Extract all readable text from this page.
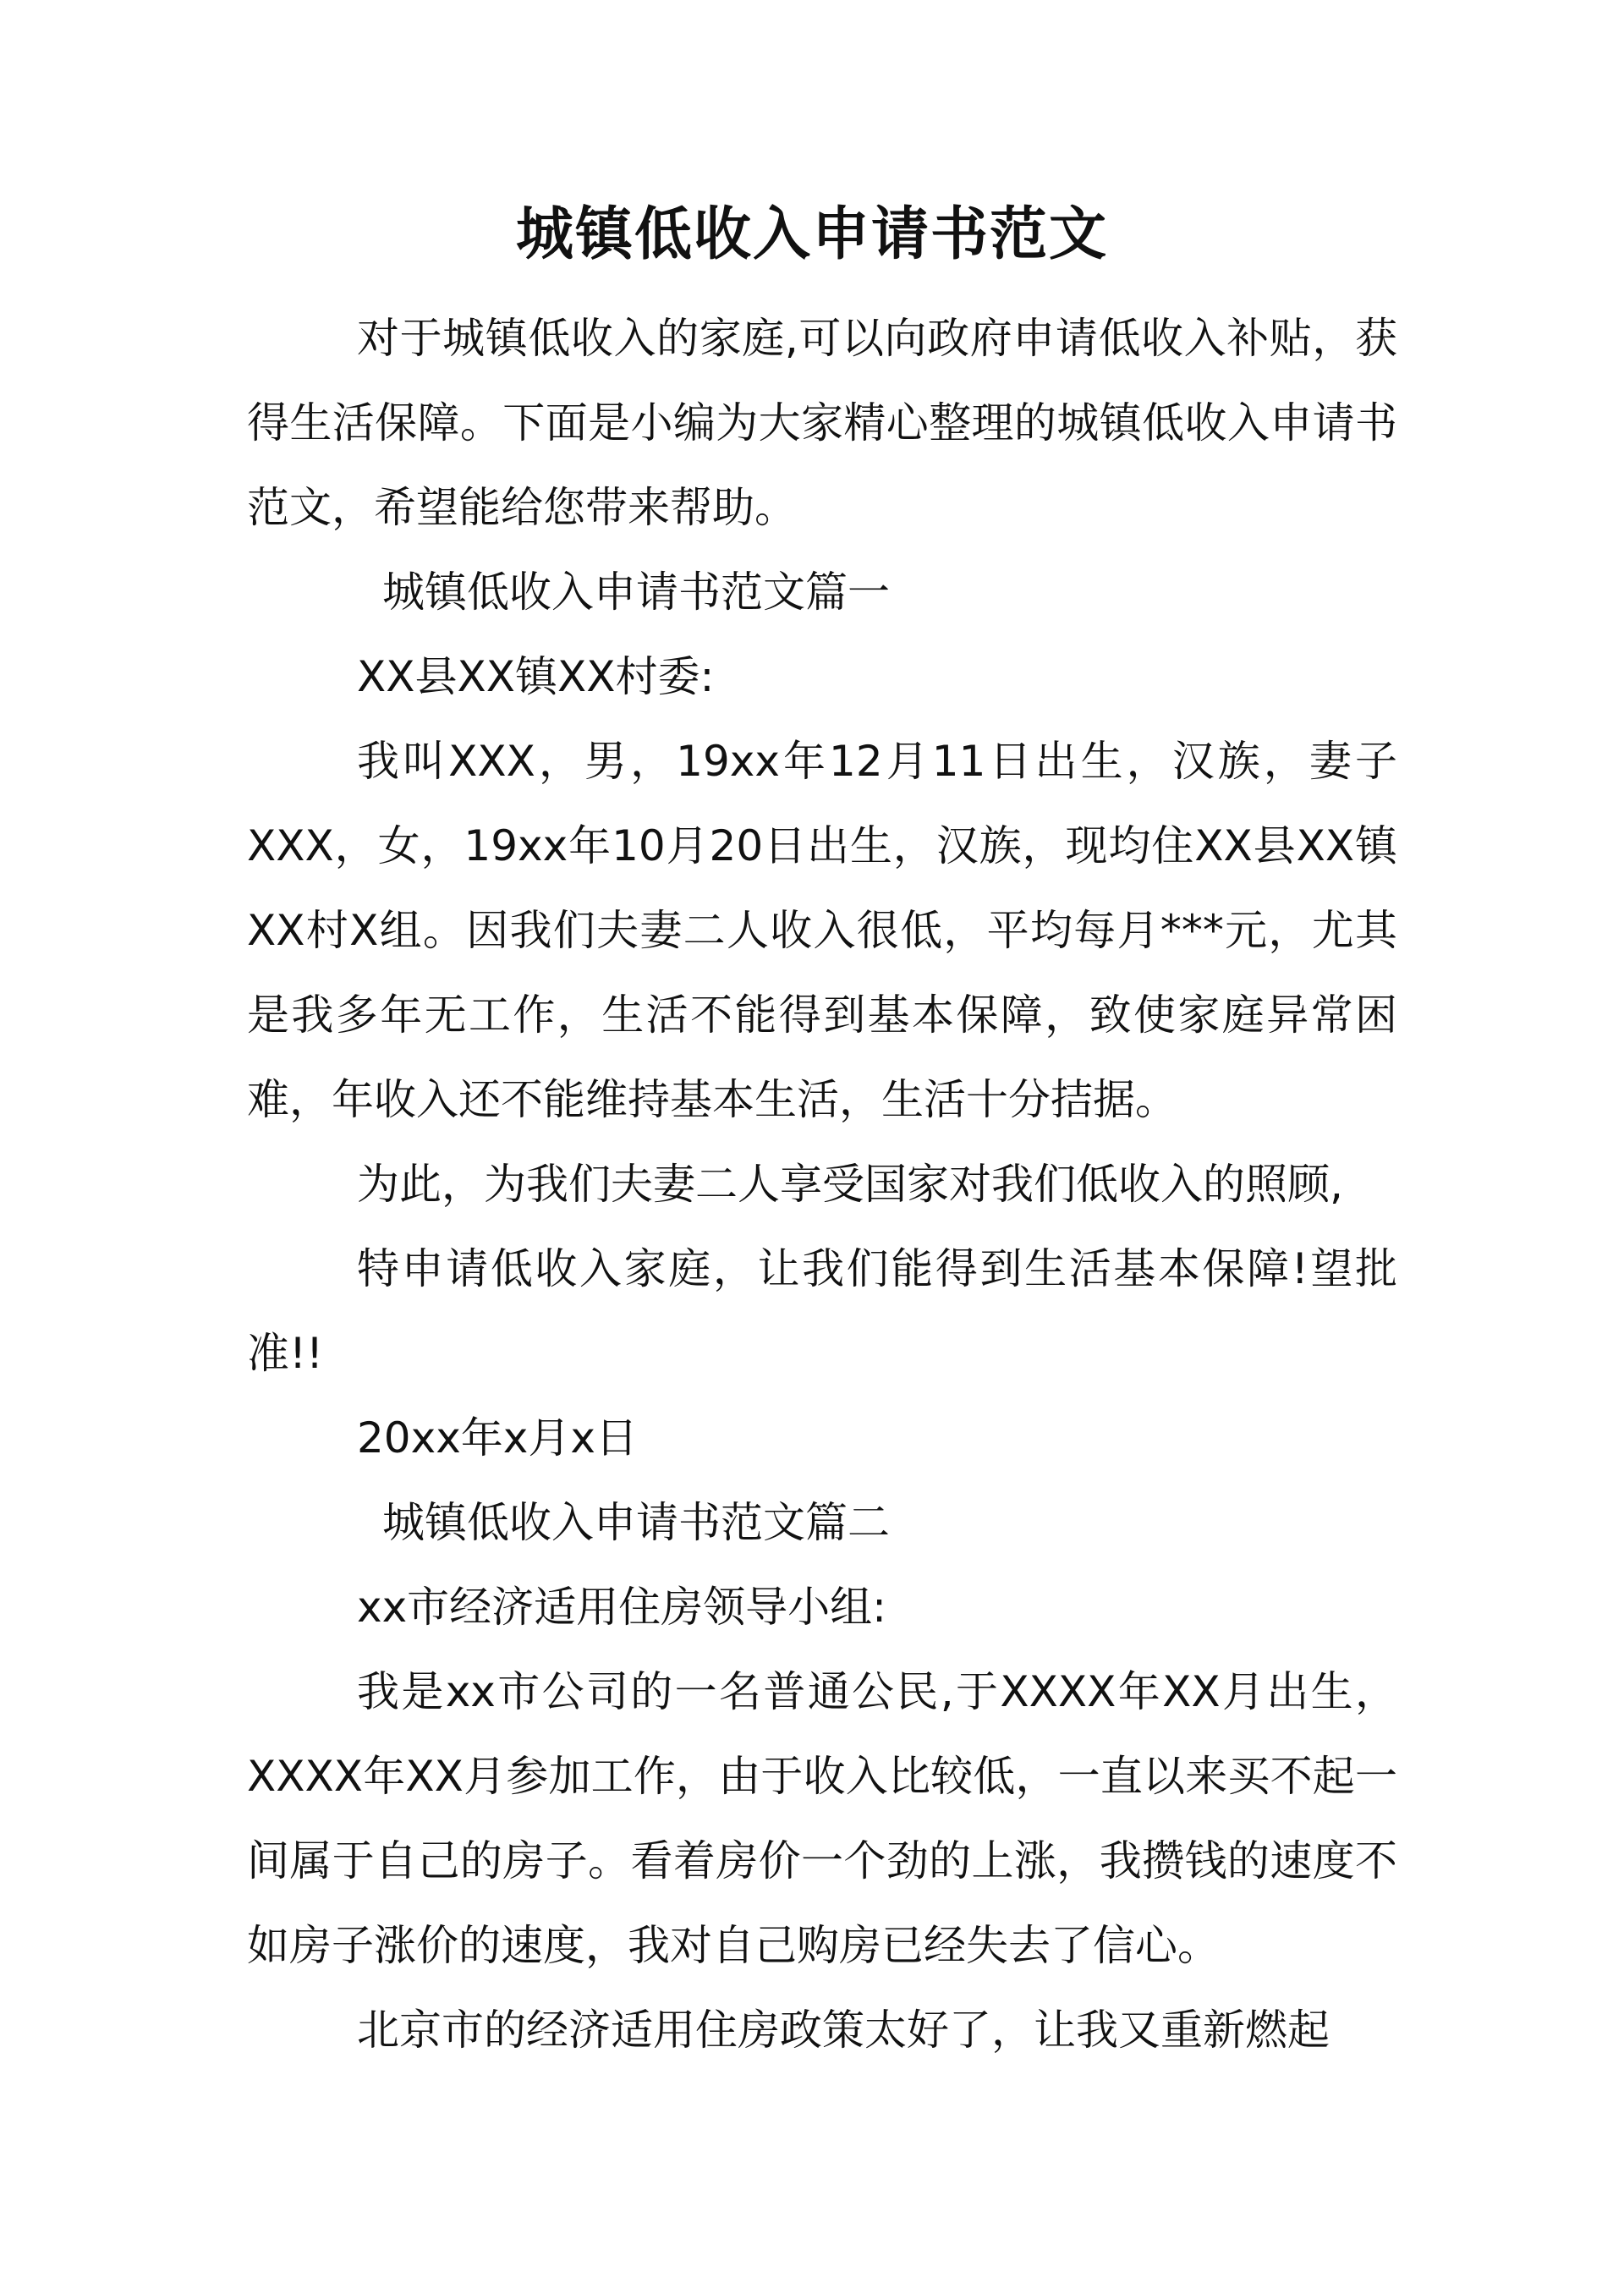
城镇低收入申请书范文

对于城镇低收入的家庭,可以向政府申请低收入补贴，获得生活保障。下面是小编为大家精心整理的城镇低收入申请书范文，希望能给您带来帮助。

城镇低收入申请书范文篇一

XX县XX镇XX村委:

我叫XXX，男，19xx年12月11日出生，汉族，妻子XXX，女，19xx年10月20日出生，汉族，现均住XX县XX镇XX村X组。因我们夫妻二人收入很低，平均每月***元，尤其是我多年无工作，生活不能得到基本保障，致使家庭异常困难，年收入还不能维持基本生活，生活十分拮据。

为此，为我们夫妻二人享受国家对我们低收入的照顾,

特申请低收入家庭，让我们能得到生活基本保障!望批准!!

20xx年x月x日

城镇低收入申请书范文篇二

xx市经济适用住房领导小组:

我是xx市公司的一名普通公民,于XXXX年XX月出生，XXXX年XX月参加工作，由于收入比较低，一直以来买不起一间属于自己的房子。看着房价一个劲的上涨，我攒钱的速度不如房子涨价的速度，我对自己购房已经失去了信心。

北京市的经济适用住房政策太好了，让我又重新燃起
